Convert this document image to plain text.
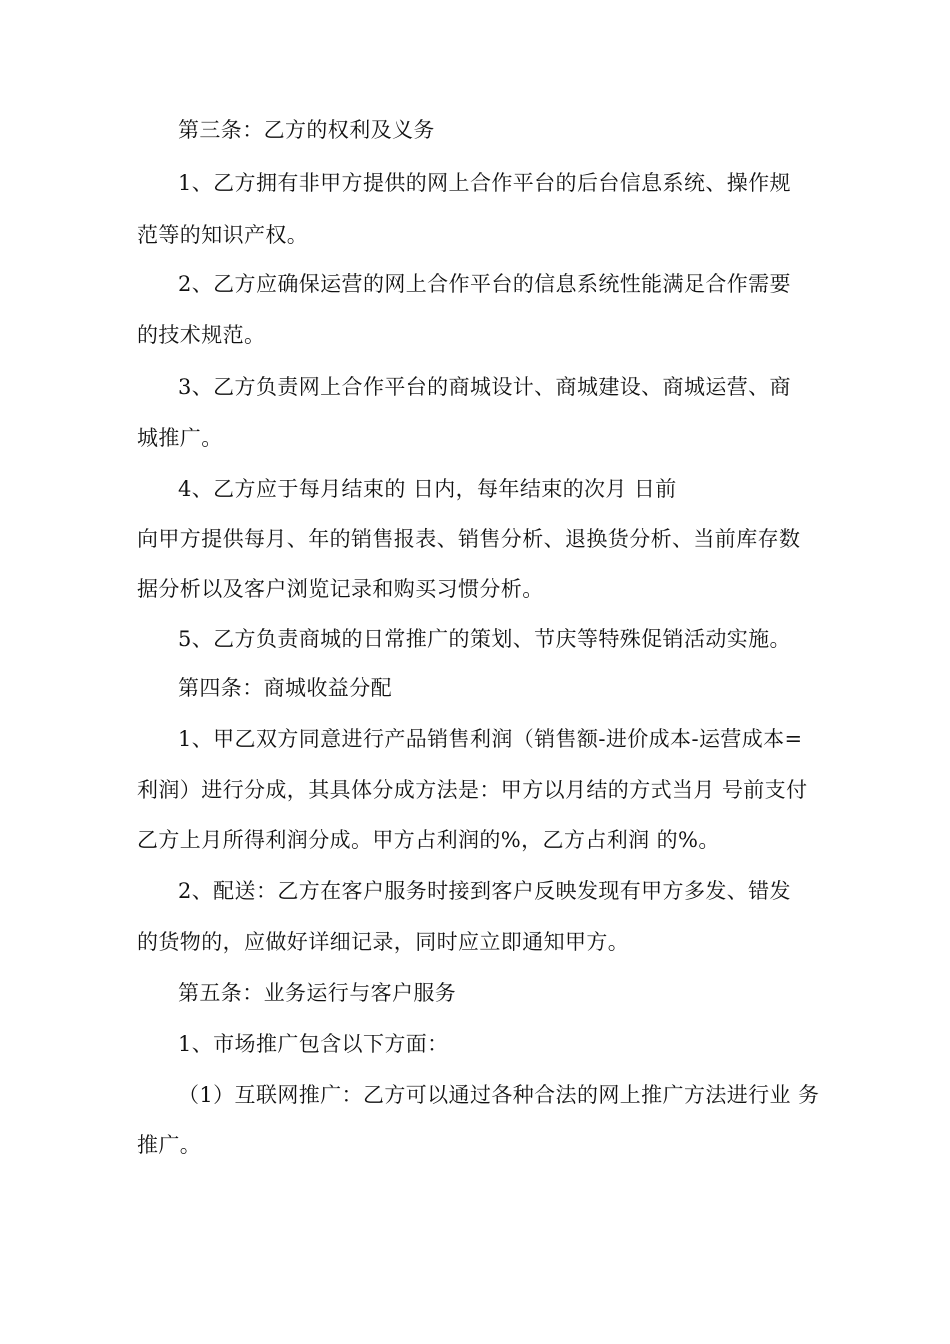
第三条：乙方的权利及义务
1、乙方拥有非甲方提供的网上合作平台的后台信息系统、操作规
范等的知识产权。
2、乙方应确保运营的网上合作平台的信息系统性能满足合作需要
的技术规范。
3、乙方负责网上合作平台的商城设计、商城建设、商城运营、商
城推广。
4、乙方应于每月结束的 日内，每年结束的次月 日前
向甲方提供每月、年的销售报表、销售分析、退换货分析、当前库存数
据分析以及客户浏览记录和购买习惯分析。
5、乙方负责商城的日常推广的策划、节庆等特殊促销活动实施。
第四条：商城收益分配
1、甲乙双方同意进行产品销售利润（销售额-进价成本-运营成本=
利润）进行分成，其具体分成方法是：甲方以月结的方式当月 号前支付
乙方上月所得利润分成。甲方占利润的%，乙方占利润 的%。
2、配送：乙方在客户服务时接到客户反映发现有甲方多发、错发
的货物的，应做好详细记录，同时应立即通知甲方。
第五条：业务运行与客户服务
1、市场推广包含以下方面：
（1）互联网推广：乙方可以通过各种合法的网上推广方法进行业 务
推广。
